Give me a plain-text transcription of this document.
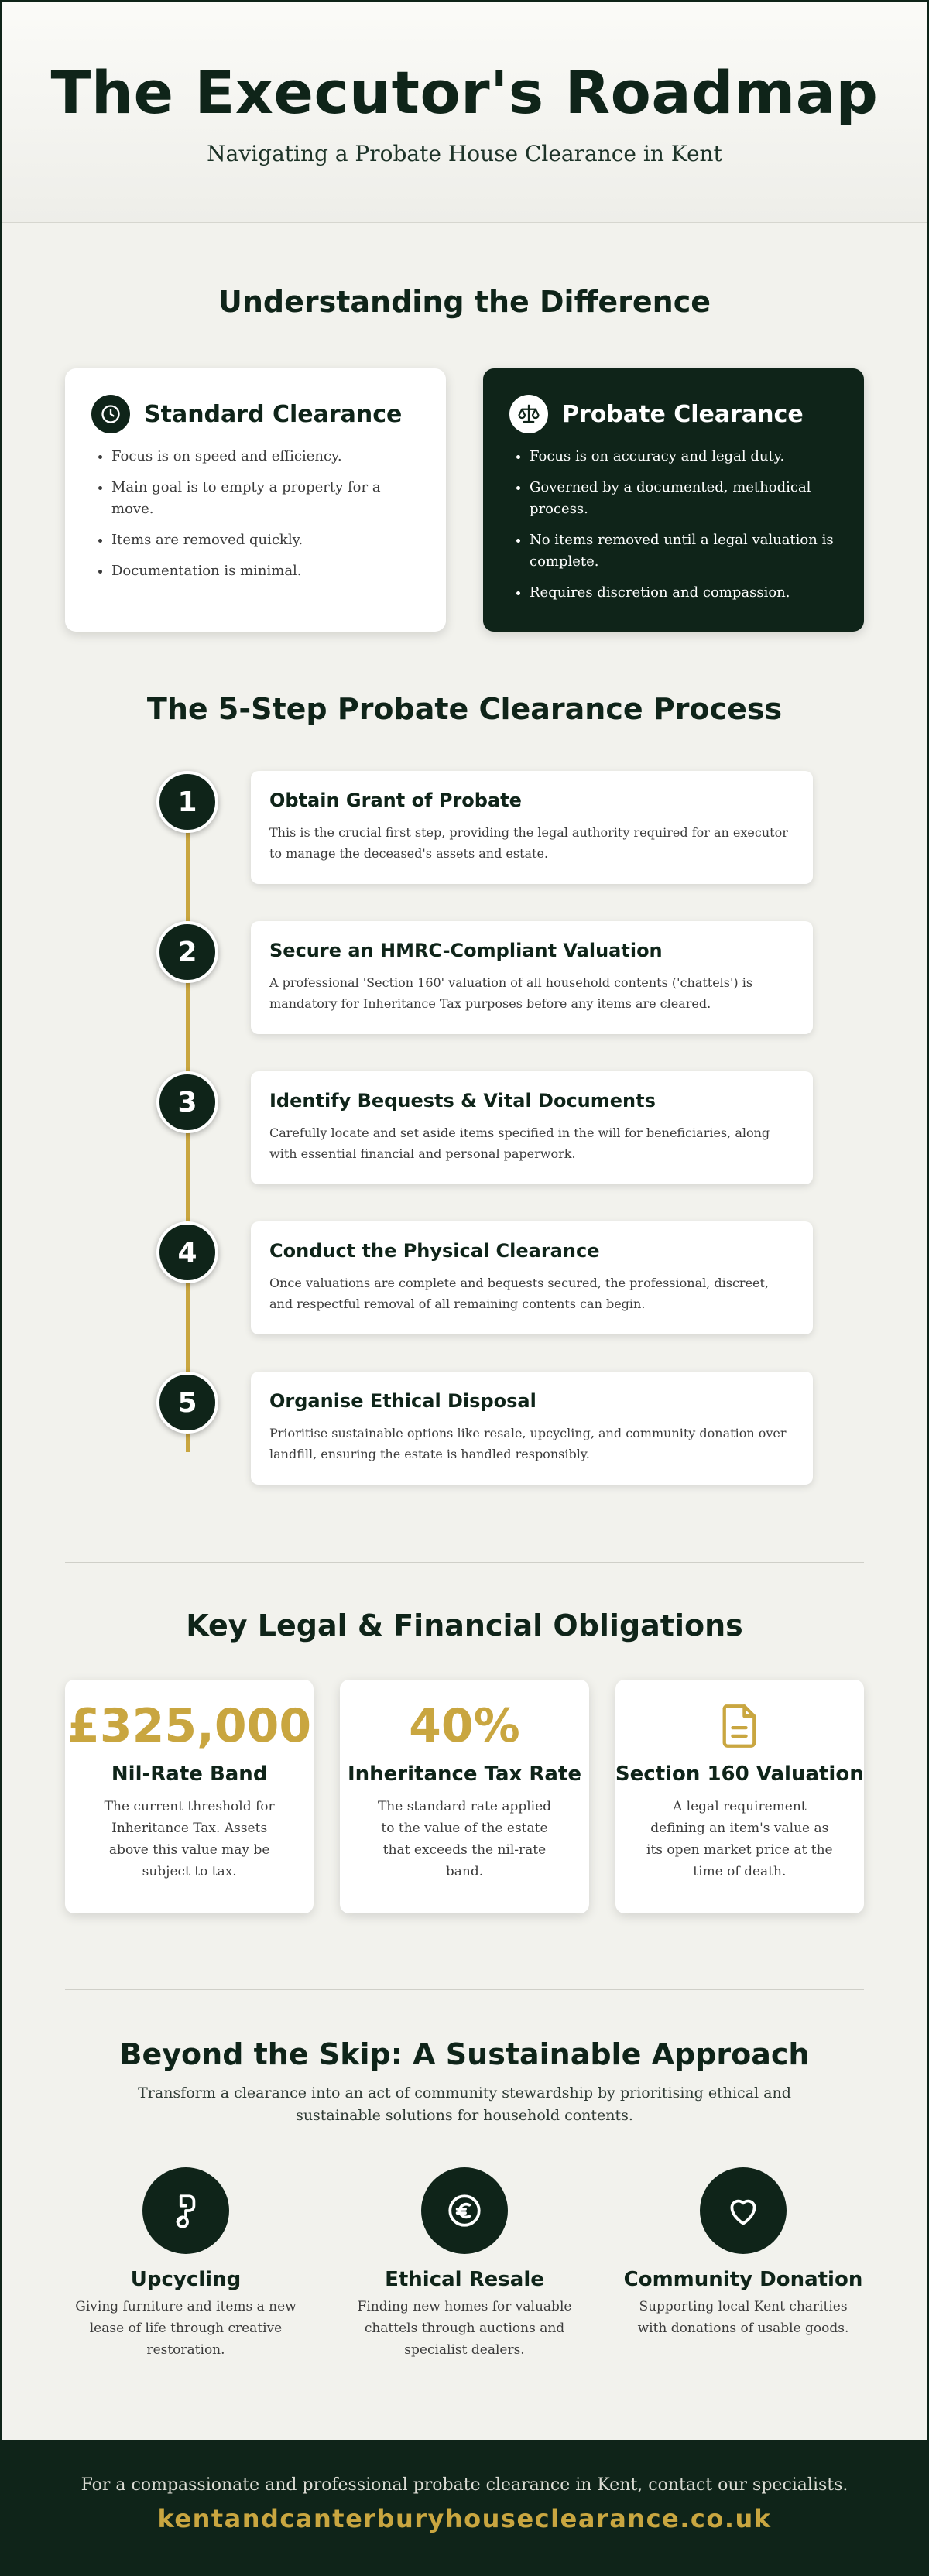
The Executor's Roadmap
Navigating a Probate House Clearance in Kent
Understanding the Difference
Standard Clearance
• Focus is on speed and efficiency.
• Main goal is to empty a property for a move.
• Items are removed quickly.
• Documentation is minimal.
Probate Clearance
• Focus is on accuracy and legal duty.
• Governed by a documented, methodical process.
• No items removed until a legal valuation is complete.
• Requires discretion and compassion.
The 5-Step Probate Clearance Process
1	Obtain Grant of Probate
This is the crucial first step, providing the legal authority required for an executor to manage the deceased's assets and estate.
2	Secure an HMRC-Compliant Valuation
A professional 'Section 160' valuation of all household contents ('chattels') is mandatory for Inheritance Tax purposes before any items are cleared.
3	Identify Bequests & Vital Documents
Carefully locate and set aside items specified in the will for beneficiaries, along with essential financial and personal paperwork.
4	Conduct the Physical Clearance
Once valuations are complete and bequests secured, the professional, discreet, and respectful removal of all remaining contents can begin.
5	Organise Ethical Disposal
Prioritise sustainable options like resale, upcycling, and community donation over landfill, ensuring the estate is handled responsibly.
Key Legal & Financial Obligations
£325,000
Nil-Rate Band
The current threshold for Inheritance Tax. Assets above this value may be subject to tax.
40%
Inheritance Tax Rate
The standard rate applied to the value of the estate that exceeds the nil-rate band.
Section 160 Valuation
A legal requirement defining an item's value as its open market price at the time of death.
Beyond the Skip: A Sustainable Approach
Transform a clearance into an act of community stewardship by prioritising ethical and sustainable solutions for household contents.
Upcycling
Giving furniture and items a new lease of life through creative restoration.
Ethical Resale
Finding new homes for valuable chattels through auctions and specialist dealers.
Community Donation
Supporting local Kent charities with donations of usable goods.
For a compassionate and professional probate clearance in Kent, contact our specialists.
kentandcanterburyhouseclearance.co.uk
